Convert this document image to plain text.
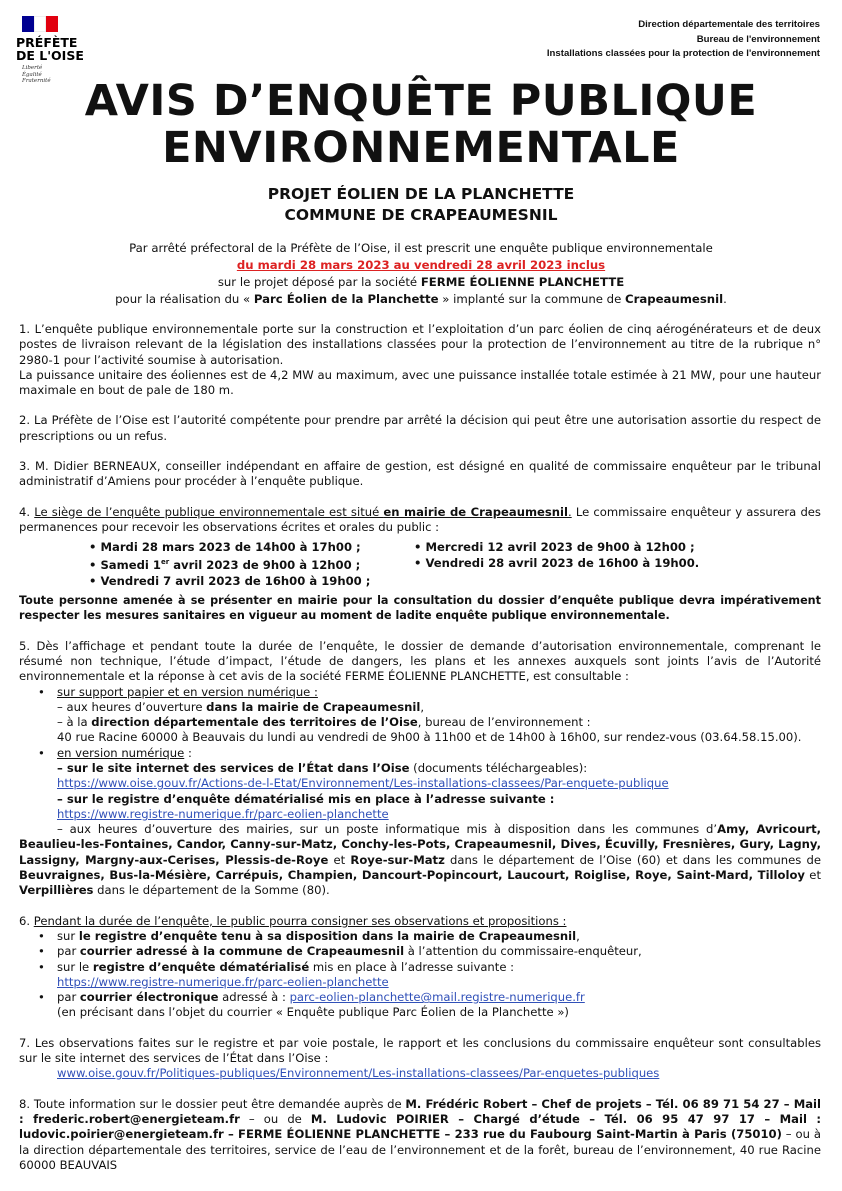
PRÉFÈTE
DE L'OISE
Liberté
Égalité
Fraternité
Direction départementale des territoires
Bureau de l'environnement
Installations classées pour la protection de l'environnement
AVIS D’ENQUÊTE PUBLIQUE
ENVIRONNEMENTALE
PROJET ÉOLIEN DE LA PLANCHETTE
COMMUNE DE CRAPEAUMESNIL
Par arrêté préfectoral de la Préfète de l’Oise, il est prescrit une enquête publique environnementale
du mardi 28 mars 2023 au vendredi 28 avril 2023 inclus
sur le projet déposé par la société FERME ÉOLIENNE PLANCHETTE
pour la réalisation du « Parc Éolien de la Planchette » implanté sur la commune de Crapeaumesnil.

1. L’enquête publique environnementale porte sur la construction et l’exploitation d’un parc éolien de cinq aérogénérateurs et de deux postes de livraison relevant de la législation des installations classées pour la protection de l’environnement au titre de la rubrique n° 2980-1 pour l’activité soumise à autorisation.

La puissance unitaire des éoliennes est de 4,2 MW au maximum, avec une puissance installée totale estimée à 21 MW, pour une hauteur maximale en bout de pale de 180 m.

2. La Préfète de l’Oise est l’autorité compétente pour prendre par arrêté la décision qui peut être une autorisation assortie du respect de prescriptions ou un refus.

3. M. Didier BERNEAUX, conseiller indépendant en affaire de gestion, est désigné en qualité de commissaire enquêteur par le tribunal administratif d’Amiens pour procéder à l’enquête publique.

4. Le siège de l’enquête publique environnementale est situé en mairie de Crapeaumesnil. Le commissaire enquêteur y assurera des permanences pour recevoir les observations écrites et orales du public :

• Mardi 28 mars 2023 de 14h00 à 17h00 ;	• Mercredi 12 avril 2023 de 9h00 à 12h00 ;
• Samedi 1er avril 2023 de 9h00 à 12h00 ;	• Vendredi 28 avril 2023 de 16h00 à 19h00.
• Vendredi 7 avril 2023 de 16h00 à 19h00 ;

Toute personne amenée à se présenter en mairie pour la consultation du dossier d’enquête publique devra impérativement respecter les mesures sanitaires en vigueur au moment de ladite enquête publique environnementale.

5. Dès l’affichage et pendant toute la durée de l’enquête, le dossier de demande d’autorisation environnementale, comprenant le résumé non technique, l’étude d’impact, l’étude de dangers, les plans et les annexes auxquels sont joints l’avis de l’Autorité environnementale et la réponse à cet avis de la société FERME ÉOLIENNE PLANCHETTE, est consultable :

• sur support papier et en version numérique :
– aux heures d’ouverture dans la mairie de Crapeaumesnil,
– à la direction départementale des territoires de l’Oise, bureau de l’environnement :
40 rue Racine 60000 à Beauvais du lundi au vendredi de 9h00 à 11h00 et de 14h00 à 16h00, sur rendez-vous (03.64.58.15.00).
• en version numérique :
– sur le site internet des services de l’État dans l’Oise (documents téléchargeables):
https://www.oise.gouv.fr/Actions-de-l-Etat/Environnement/Les-installations-classees/Par-enquete-publique
– sur le registre d’enquête dématérialisé mis en place à l’adresse suivante :
https://www.registre-numerique.fr/parc-eolien-planchette

– aux heures d’ouverture des mairies, sur un poste informatique mis à disposition dans les communes d’Amy, Avricourt, Beaulieu-les-Fontaines, Candor, Canny-sur-Matz, Conchy-les-Pots, Crapeaumesnil, Dives, Écuvilly, Fresnières, Gury, Lagny, Lassigny, Margny-aux-Cerises, Plessis-de-Roye et Roye-sur-Matz dans le département de l’Oise (60) et dans les communes de Beuvraignes, Bus-la-Mésière, Carrépuis, Champien, Dancourt-Popincourt, Laucourt, Roiglise, Roye, Saint-Mard, Tilloloy et Verpillières dans le département de la Somme (80).

6. Pendant la durée de l’enquête, le public pourra consigner ses observations et propositions :

• sur le registre d’enquête tenu à sa disposition dans la mairie de Crapeaumesnil,
• par courrier adressé à la commune de Crapeaumesnil à l’attention du commissaire-enquêteur,
• sur le registre d’enquête dématérialisé mis en place à l’adresse suivante :
https://www.registre-numerique.fr/parc-eolien-planchette
• par courrier électronique adressé à : parc-eolien-planchette@mail.registre-numerique.fr
(en précisant dans l’objet du courrier « Enquête publique Parc Éolien de la Planchette »)

7. Les observations faites sur le registre et par voie postale, le rapport et les conclusions du commissaire enquêteur sont consultables sur le site internet des services de l’État dans l’Oise :

www.oise.gouv.fr/Politiques-publiques/Environnement/Les-installations-classees/Par-enquetes-publiques

8. Toute information sur le dossier peut être demandée auprès de M. Frédéric Robert – Chef de projets – Tél. 06 89 71 54 27 – Mail : frederic.robert@energieteam.fr – ou de M. Ludovic POIRIER – Chargé d’étude – Tél. 06 95 47 97 17 – Mail : ludovic.poirier@energieteam.fr – FERME ÉOLIENNE PLANCHETTE – 233 rue du Faubourg Saint-Martin à Paris (75010) – ou à la direction départementale des territoires, service de l’eau de l’environnement et de la forêt, bureau de l’environnement, 40 rue Racine 60000 BEAUVAIS
